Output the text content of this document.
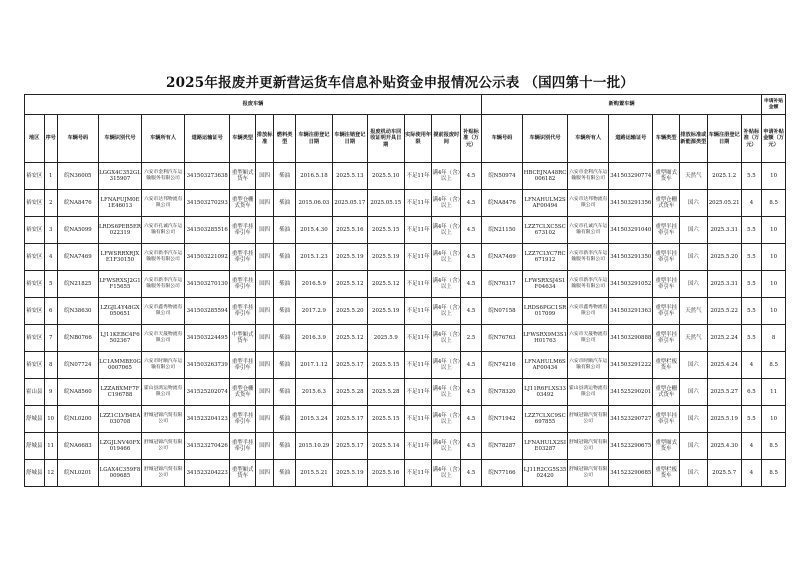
2025年报废并更新营运货车信息补贴资金申报情况公示表 （国四第十一批）
报废车辆															新购置车辆								申请补贴金额
地区	序号	车辆号码	车辆识别代号	车辆所有人	道路运输证号	车辆类型	排放标准	燃料类型	车辆注册登记日期	车辆注销登记日期	报废机动车回收证明开具日期	实际使用年限	提前报废时间	补贴标准（万元）	车辆号码	车辆识别代号	车辆所有人	道路运输证号	车辆类型	排放标准或新能源类型	车辆注册登记日期	补贴标准（万元）	申请补贴金额（万元）
裕安区	1	皖N36005	LGGX4C352GL315907	六安市金利汽车运输服务有限公司	341503273638	重型厢式货车	国四	柴油	2016.5.18	2025.5.13	2025.5.10	不足11年	满4年（含）以上	4.5	皖N50974	HBCEJNA48RC006182	六安市金利汽车运输服务有限公司	341503290774	重型厢式货车	天然气	2025.1.2	5.5	10
裕安区	2	皖NA8476	LFNAFUJM0E1E46013	六安市达邦物流有限公司	341503270293	重型仓栅式货车	国四	柴油	2015.06.03	2025.05.17	2025.05.15	不足11年	满4年（含）以上	4.5	皖NA8476	LFNAHULM2SAF00494	六安市达邦物流有限公司	341503291356	重型仓栅式货车	国六	2025.05.21	4	8.5
裕安区	3	皖NA5099	LRDS6PEB5ER022319	六安市孔诚汽车运输有限公司	341503285516	重型半挂牵引车	国四	柴油	2015.4.30	2025.5.16	2025.5.15	不足11年	满4年（含）以上	4.5	皖N21150	LZZ7CLXC5SC673102	六安市孔诚汽车运输有限公司	341503291040	重型半挂牵引车	国六	2025.3.31	5.5	10
裕安区	4	皖NA7469	LFWSRRXRJXE1F30150	六安市新李汽车运输服务有限公司	341503221092	重型半挂牵引车	国四	柴油	2015.1.23	2025.5.19	2025.5.19	不足11年	满4年（含）以上	4.5	皖NA7469	LZZ7CLYC7RC671912	六安市新李汽车运输服务有限公司	341503291350	重型半挂牵引车	国六	2025.5.20	5.5	10
裕安区	5	皖N21825	LFWSRXSJ2G1F15655	六安市新李汽车运输服务有限公司	341503270130	重型半挂牵引车	国四	柴油	2016.5.9	2025.5.12	2025.5.12	不足11年	满4年（含）以上	4.5	皖N76317	LFWSRXSJ4S1F04634	六安市新李汽车运输服务有限公司	341503291052	重型半挂牵引车	国六	2025.3.31	5.5	10
裕安区	6	皖N38630	LZGJL4Y48GX050651	六安市鑫秀物流有限公司	341503285594	重型半挂牵引车	国四	柴油	2017.2.9	2025.5.20	2025.5.19	不足11年	满4年（含）以上	4.5	皖N07158	LRDS6PGC1SR017099	六安市鑫秀物流有限公司	341503291363	重型半挂牵引车	天然气	2025.5.22	5.5	10
裕安区	7	皖NB0766	LJ11KEBC4F6502367	六安市天晟物流有限公司	341503224495	中型厢式货车	国四	柴油	2016.3.9	2025.5.12	2025.5.9	不足11年	满4年（含）以上	2.5	皖N76763	LFWSRX9M3S1H01763	六安市天晟物流有限公司	341503290888	重型半挂牵引车	天然气	2025.2.24	5.5	8
裕安区	8	皖N07724	LC1AMMBE0G0007065	六安市时顺汽车运输有限公司	341503263739	重型半挂牵引车	国四	柴油	2017.1.12	2025.5.17	2025.5.15	不足11年	满4年（含）以上	4.5	皖N74216	LFNAHULM6SAF00434	六安市时顺汽车运输有限公司	341503291222	重型栏板货车	国六	2025.4.24	4	8.5
霍山县	9	皖NA8560	LZZABXMF7FC196788	霍山县鸿运物流有限公司	341525202074	重型仓栅式货车	国四	柴油	2015.6.3	2025.5.28	2025.5.28	不足11年	满4年（含）以上	4.5	皖N78320	LJ11R6FLXS3303492	霍山县鸿运物流有限公司	341525290201	重型仓栅式货车	国六	2025.5.27	6.5	11
舒城县	10	皖NL0200	LZZ1CLVB4EA030708	舒城冠锦汽贸有限公司	341523204123	重型半挂牵引车	国四	柴油	2015.3.24	2025.5.17	2025.5.15	不足11年	满4年（含）以上	4.5	皖N71942	LZZ7CLXC9SC697855	舒城冠锦汽贸有限公司	341523290727	重型半挂牵引车	国六	2025.5.19	5.5	10
舒城县	11	皖NA6683	LZGJLNV40FX019466	舒城冠锦汽贸有限公司	341523270426	重型半挂牵引车	国四	柴油	2015.10.29	2025.5.17	2025.5.14	不足11年	满4年（含）以上	4.5	皖N78287	LFNAHULX2SIE03287	舒城冠锦汽贸有限公司	341523290675	重型厢式货车	国六	2025.4.30	4	8.5
舒城县	12	皖NL0201	LGAX4C359F8009685	舒城冠锦汽贸有限公司	341523204223	重型厢式货车	国四	柴油	2015.5.21	2025.5.19	2025.5.16	不足11年	满4年（含）以上	4.5	皖N77166	LJ11R2CG5S3502420	舒城冠锦汽贸有限公司	341523290685	重型栏板货车	国六	2025.5.7	4	8.5
